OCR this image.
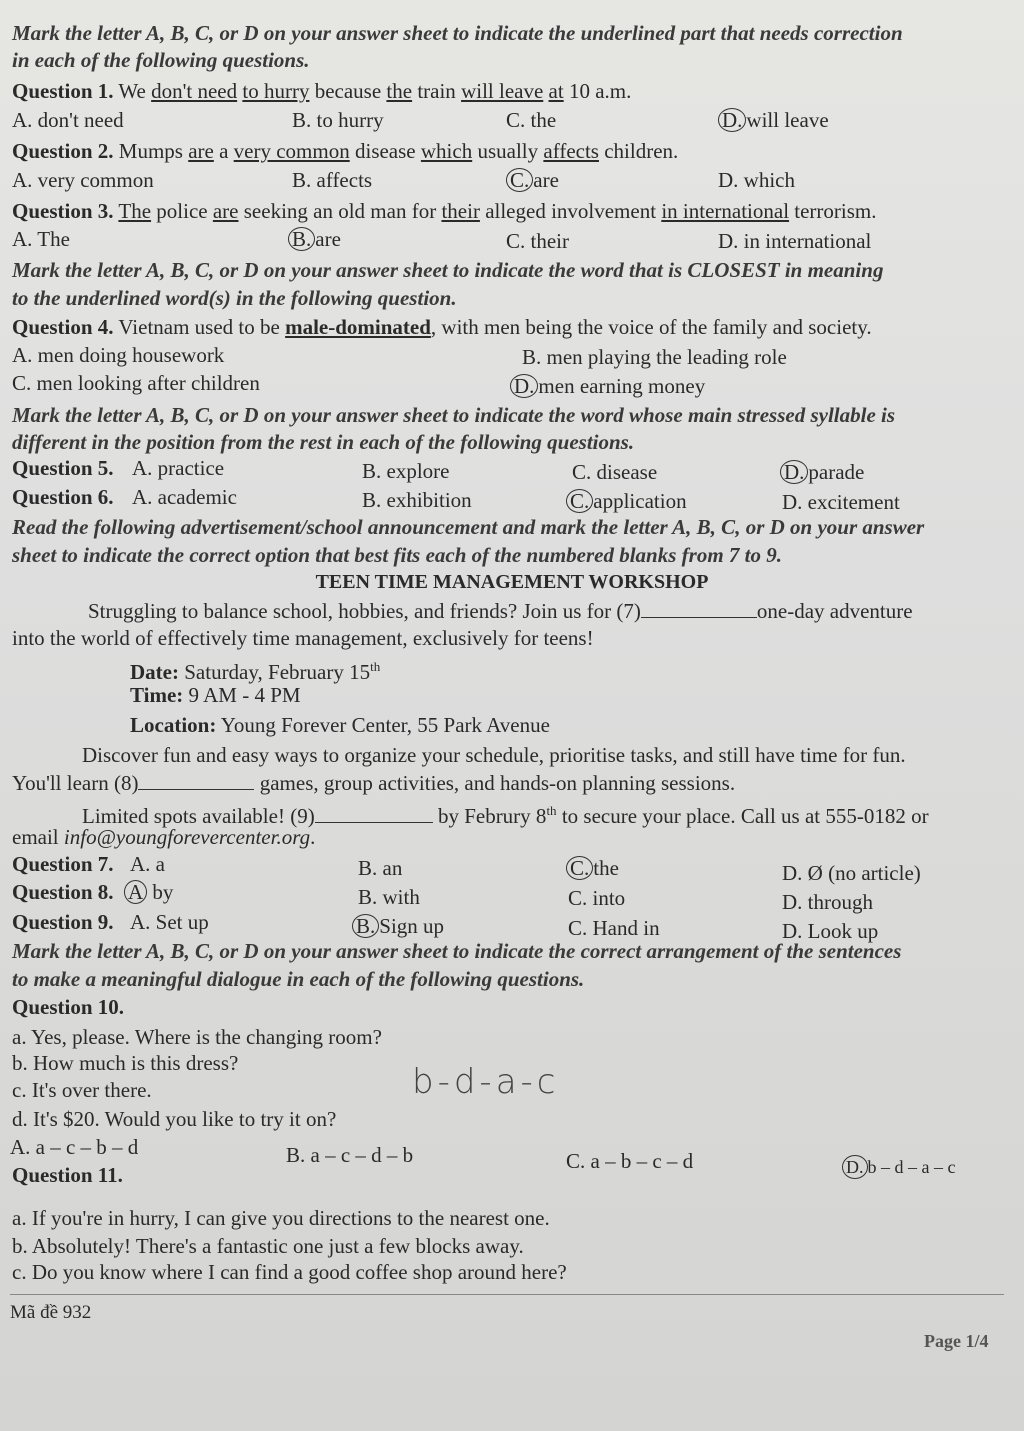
Mark the letter A, B, C, or D on your answer sheet to indicate the underlined part that needs correction
in each of the following questions.
Question 1. We don't need to hurry because the train will leave at 10 a.m.
A. don't need	B. to hurry	C. the	D. will leave
Question 2. Mumps are a very common disease which usually affects children.
A. very common	B. affects	C. are	D. which
Question 3. The police are seeking an old man for their alleged involvement in international terrorism.
A. The	B. are	C. their	D. in international
Mark the letter A, B, C, or D on your answer sheet to indicate the word that is CLOSEST in meaning
to the underlined word(s) in the following question.
Question 4. Vietnam used to be male-dominated, with men being the voice of the family and society.
A. men doing housework	B. men playing the leading role
C. men looking after children	D. men earning money
Mark the letter A, B, C, or D on your answer sheet to indicate the word whose main stressed syllable is
different in the position from the rest in each of the following questions.
Question 5. A. practice	B. explore	C. disease	D. parade
Question 6. A. academic	B. exhibition	C. application	D. excitement
Read the following advertisement/school announcement and mark the letter A, B, C, or D on your answer
sheet to indicate the correct option that best fits each of the numbered blanks from 7 to 9.
TEEN TIME MANAGEMENT WORKSHOP
Struggling to balance school, hobbies, and friends? Join us for (7)	one-day adventure
into the world of effectively time management, exclusively for teens!
Date: Saturday, February 15th
Time: 9 AM - 4 PM
Location: Young Forever Center, 55 Park Avenue
Discover fun and easy ways to organize your schedule, prioritise tasks, and still have time for fun.
You'll learn (8)	games, group activities, and hands-on planning sessions.
Limited spots available! (9)	by Februry 8th to secure your place. Call us at 555-0182 or
email info@youngforevercenter.org.
Question 7. A. a	B. an	C. the	D. Ø (no article)
Question 8. A by	B. with	C. into	D. through
Question 9. A. Set up	B. Sign up	C. Hand in	D. Look up
Mark the letter A, B, C, or D on your answer sheet to indicate the correct arrangement of the sentences
to make a meaningful dialogue in each of the following questions.
Question 10.
a. Yes, please. Where is the changing room?
b. How much is this dress?
c. It's over there.
d. It's $20. Would you like to try it on?
b-d-a-c
A. a – c – b – d	B. a – c – d – b	C. a – b – c – d	D. b – d – a – c
Question 11.
a. If you're in hurry, I can give you directions to the nearest one.
b. Absolutely! There's a fantastic one just a few blocks away.
c. Do you know where I can find a good coffee shop around here?
Mã đề 932
Page 1/4
